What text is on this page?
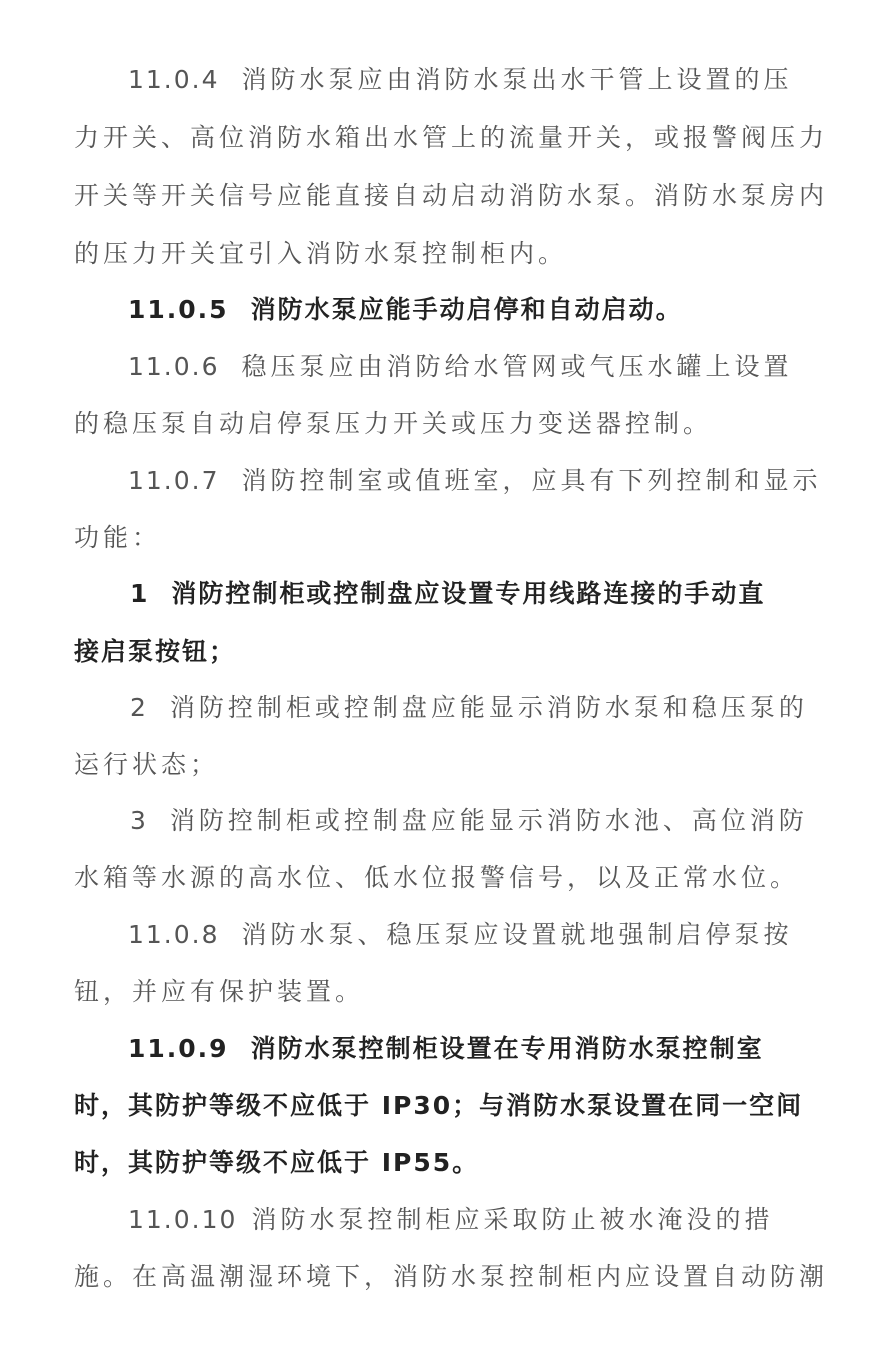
11.0.4 消防水泵应由消防水泵出水干管上设置的压
力开关、高位消防水箱出水管上的流量开关，或报警阀压力
开关等开关信号应能直接自动启动消防水泵。消防水泵房内
的压力开关宜引入消防水泵控制柜内。
11.0.5 消防水泵应能手动启停和自动启动。
11.0.6 稳压泵应由消防给水管网或气压水罐上设置
的稳压泵自动启停泵压力开关或压力变送器控制。
11.0.7 消防控制室或值班室，应具有下列控制和显示
功能：
1 消防控制柜或控制盘应设置专用线路连接的手动直
接启泵按钮；
2 消防控制柜或控制盘应能显示消防水泵和稳压泵的
运行状态；
3 消防控制柜或控制盘应能显示消防水池、高位消防
水箱等水源的高水位、低水位报警信号，以及正常水位。
11.0.8 消防水泵、稳压泵应设置就地强制启停泵按
钮，并应有保护装置。
11.0.9 消防水泵控制柜设置在专用消防水泵控制室
时，其防护等级不应低于 IP30；与消防水泵设置在同一空间
时，其防护等级不应低于 IP55。
11.0.10 消防水泵控制柜应采取防止被水淹没的措
施。在高温潮湿环境下，消防水泵控制柜内应设置自动防潮
